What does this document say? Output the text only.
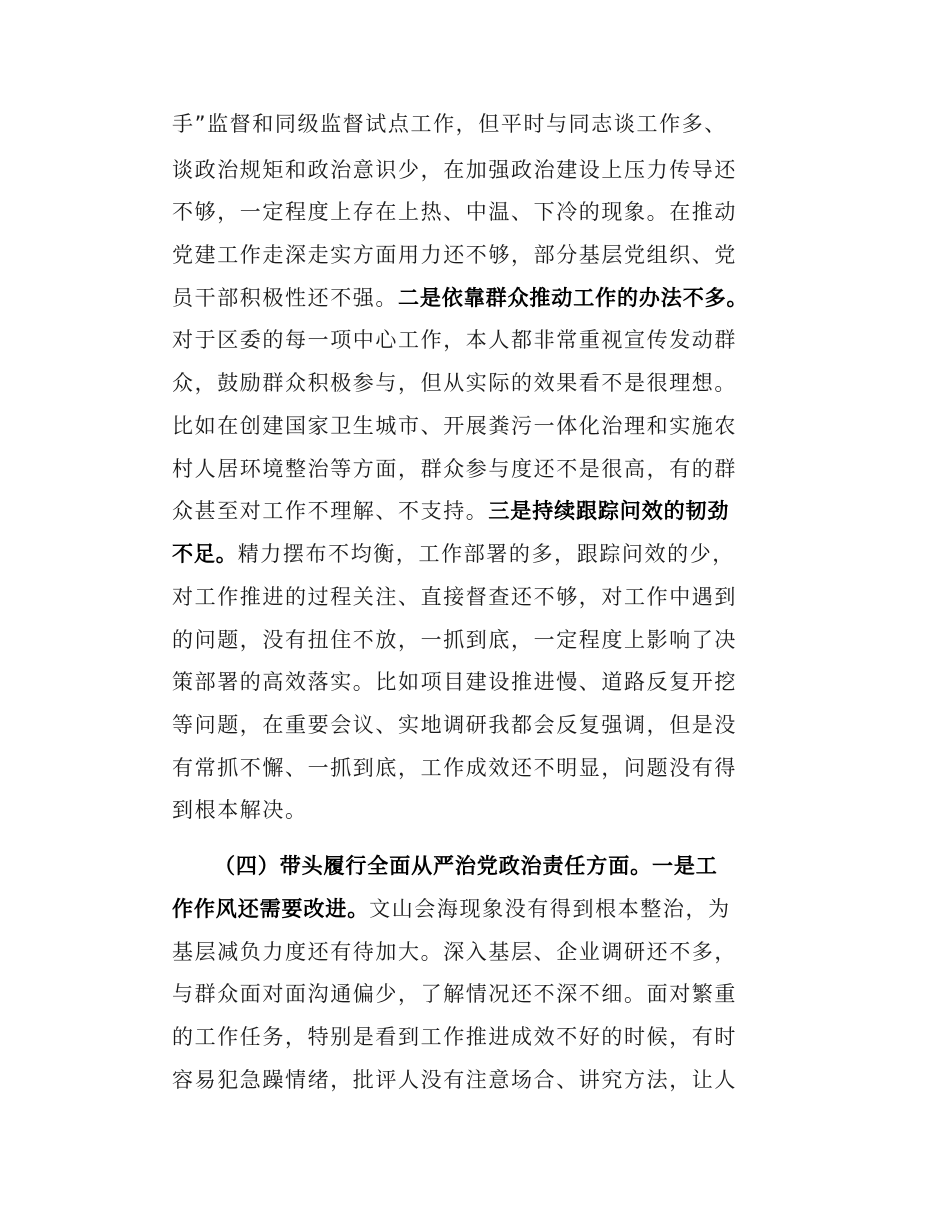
手”监督和同级监督试点工作，但平时与同志谈工作多、
谈政治规矩和政治意识少，在加强政治建设上压力传导还
不够，一定程度上存在上热、中温、下冷的现象。在推动
党建工作走深走实方面用力还不够，部分基层党组织、党
员干部积极性还不强。二是依靠群众推动工作的办法不多。
对于区委的每一项中心工作，本人都非常重视宣传发动群
众，鼓励群众积极参与，但从实际的效果看不是很理想。
比如在创建国家卫生城市、开展粪污一体化治理和实施农
村人居环境整治等方面，群众参与度还不是很高，有的群
众甚至对工作不理解、不支持。三是持续跟踪问效的韧劲
不足。精力摆布不均衡，工作部署的多，跟踪问效的少，
对工作推进的过程关注、直接督查还不够，对工作中遇到
的问题，没有扭住不放，一抓到底，一定程度上影响了决
策部署的高效落实。比如项目建设推进慢、道路反复开挖
等问题，在重要会议、实地调研我都会反复强调，但是没
有常抓不懈、一抓到底，工作成效还不明显，问题没有得
到根本解决。
（四）带头履行全面从严治党政治责任方面。一是工
作作风还需要改进。文山会海现象没有得到根本整治，为
基层减负力度还有待加大。深入基层、企业调研还不多，
与群众面对面沟通偏少，了解情况还不深不细。面对繁重
的工作任务，特别是看到工作推进成效不好的时候，有时
容易犯急躁情绪，批评人没有注意场合、讲究方法，让人
